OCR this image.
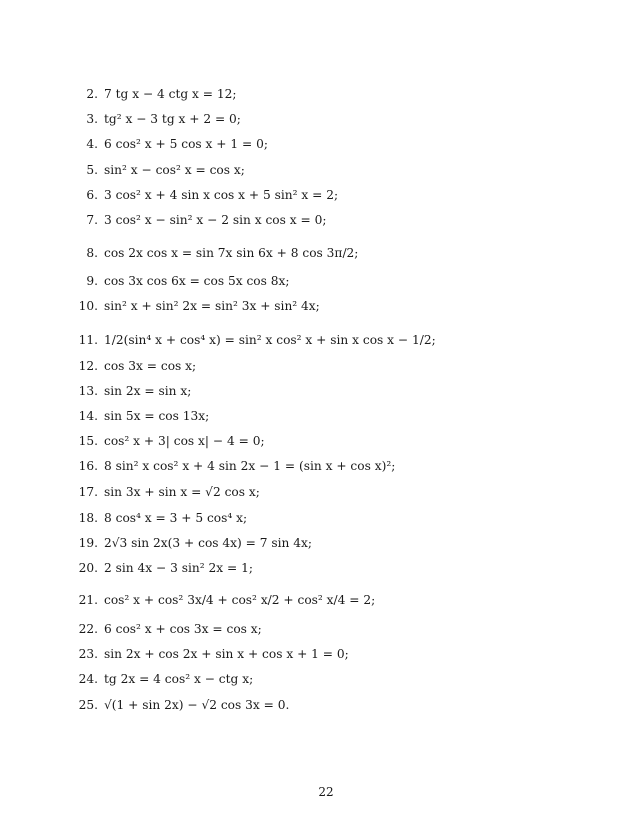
2. 7 tg x − 4 ctg x = 12;
3. tg² x − 3 tg x + 2 = 0;
4. 6 cos² x + 5 cos x + 1 = 0;
5. sin² x − cos² x = cos x;
6. 3 cos² x + 4 sin x cos x + 5 sin² x = 2;
7. 3 cos² x − sin² x − 2 sin x cos x = 0;
8. cos 2x cos x = sin 7x sin 6x + 8 cos 3π/2;
9. cos 3x cos 6x = cos 5x cos 8x;
10. sin² x + sin² 2x = sin² 3x + sin² 4x;
11. 1/2(sin⁴ x + cos⁴ x) = sin² x cos² x + sin x cos x − 1/2;
12. cos 3x = cos x;
13. sin 2x = sin x;
14. sin 5x = cos 13x;
15. cos² x + 3| cos x| − 4 = 0;
16. 8 sin² x cos² x + 4 sin 2x − 1 = (sin x + cos x)²;
17. sin 3x + sin x = √2 cos x;
18. 8 cos⁴ x = 3 + 5 cos⁴ x;
19. 2√3 sin 2x(3 + cos 4x) = 7 sin 4x;
20. 2 sin 4x − 3 sin² 2x = 1;
21. cos² x + cos² 3x/4 + cos² x/2 + cos² x/4 = 2;
22. 6 cos² x + cos 3x = cos x;
23. sin 2x + cos 2x + sin x + cos x + 1 = 0;
24. tg 2x = 4 cos² x − ctg x;
25. √(1 + sin 2x) − √2 cos 3x = 0.
22
